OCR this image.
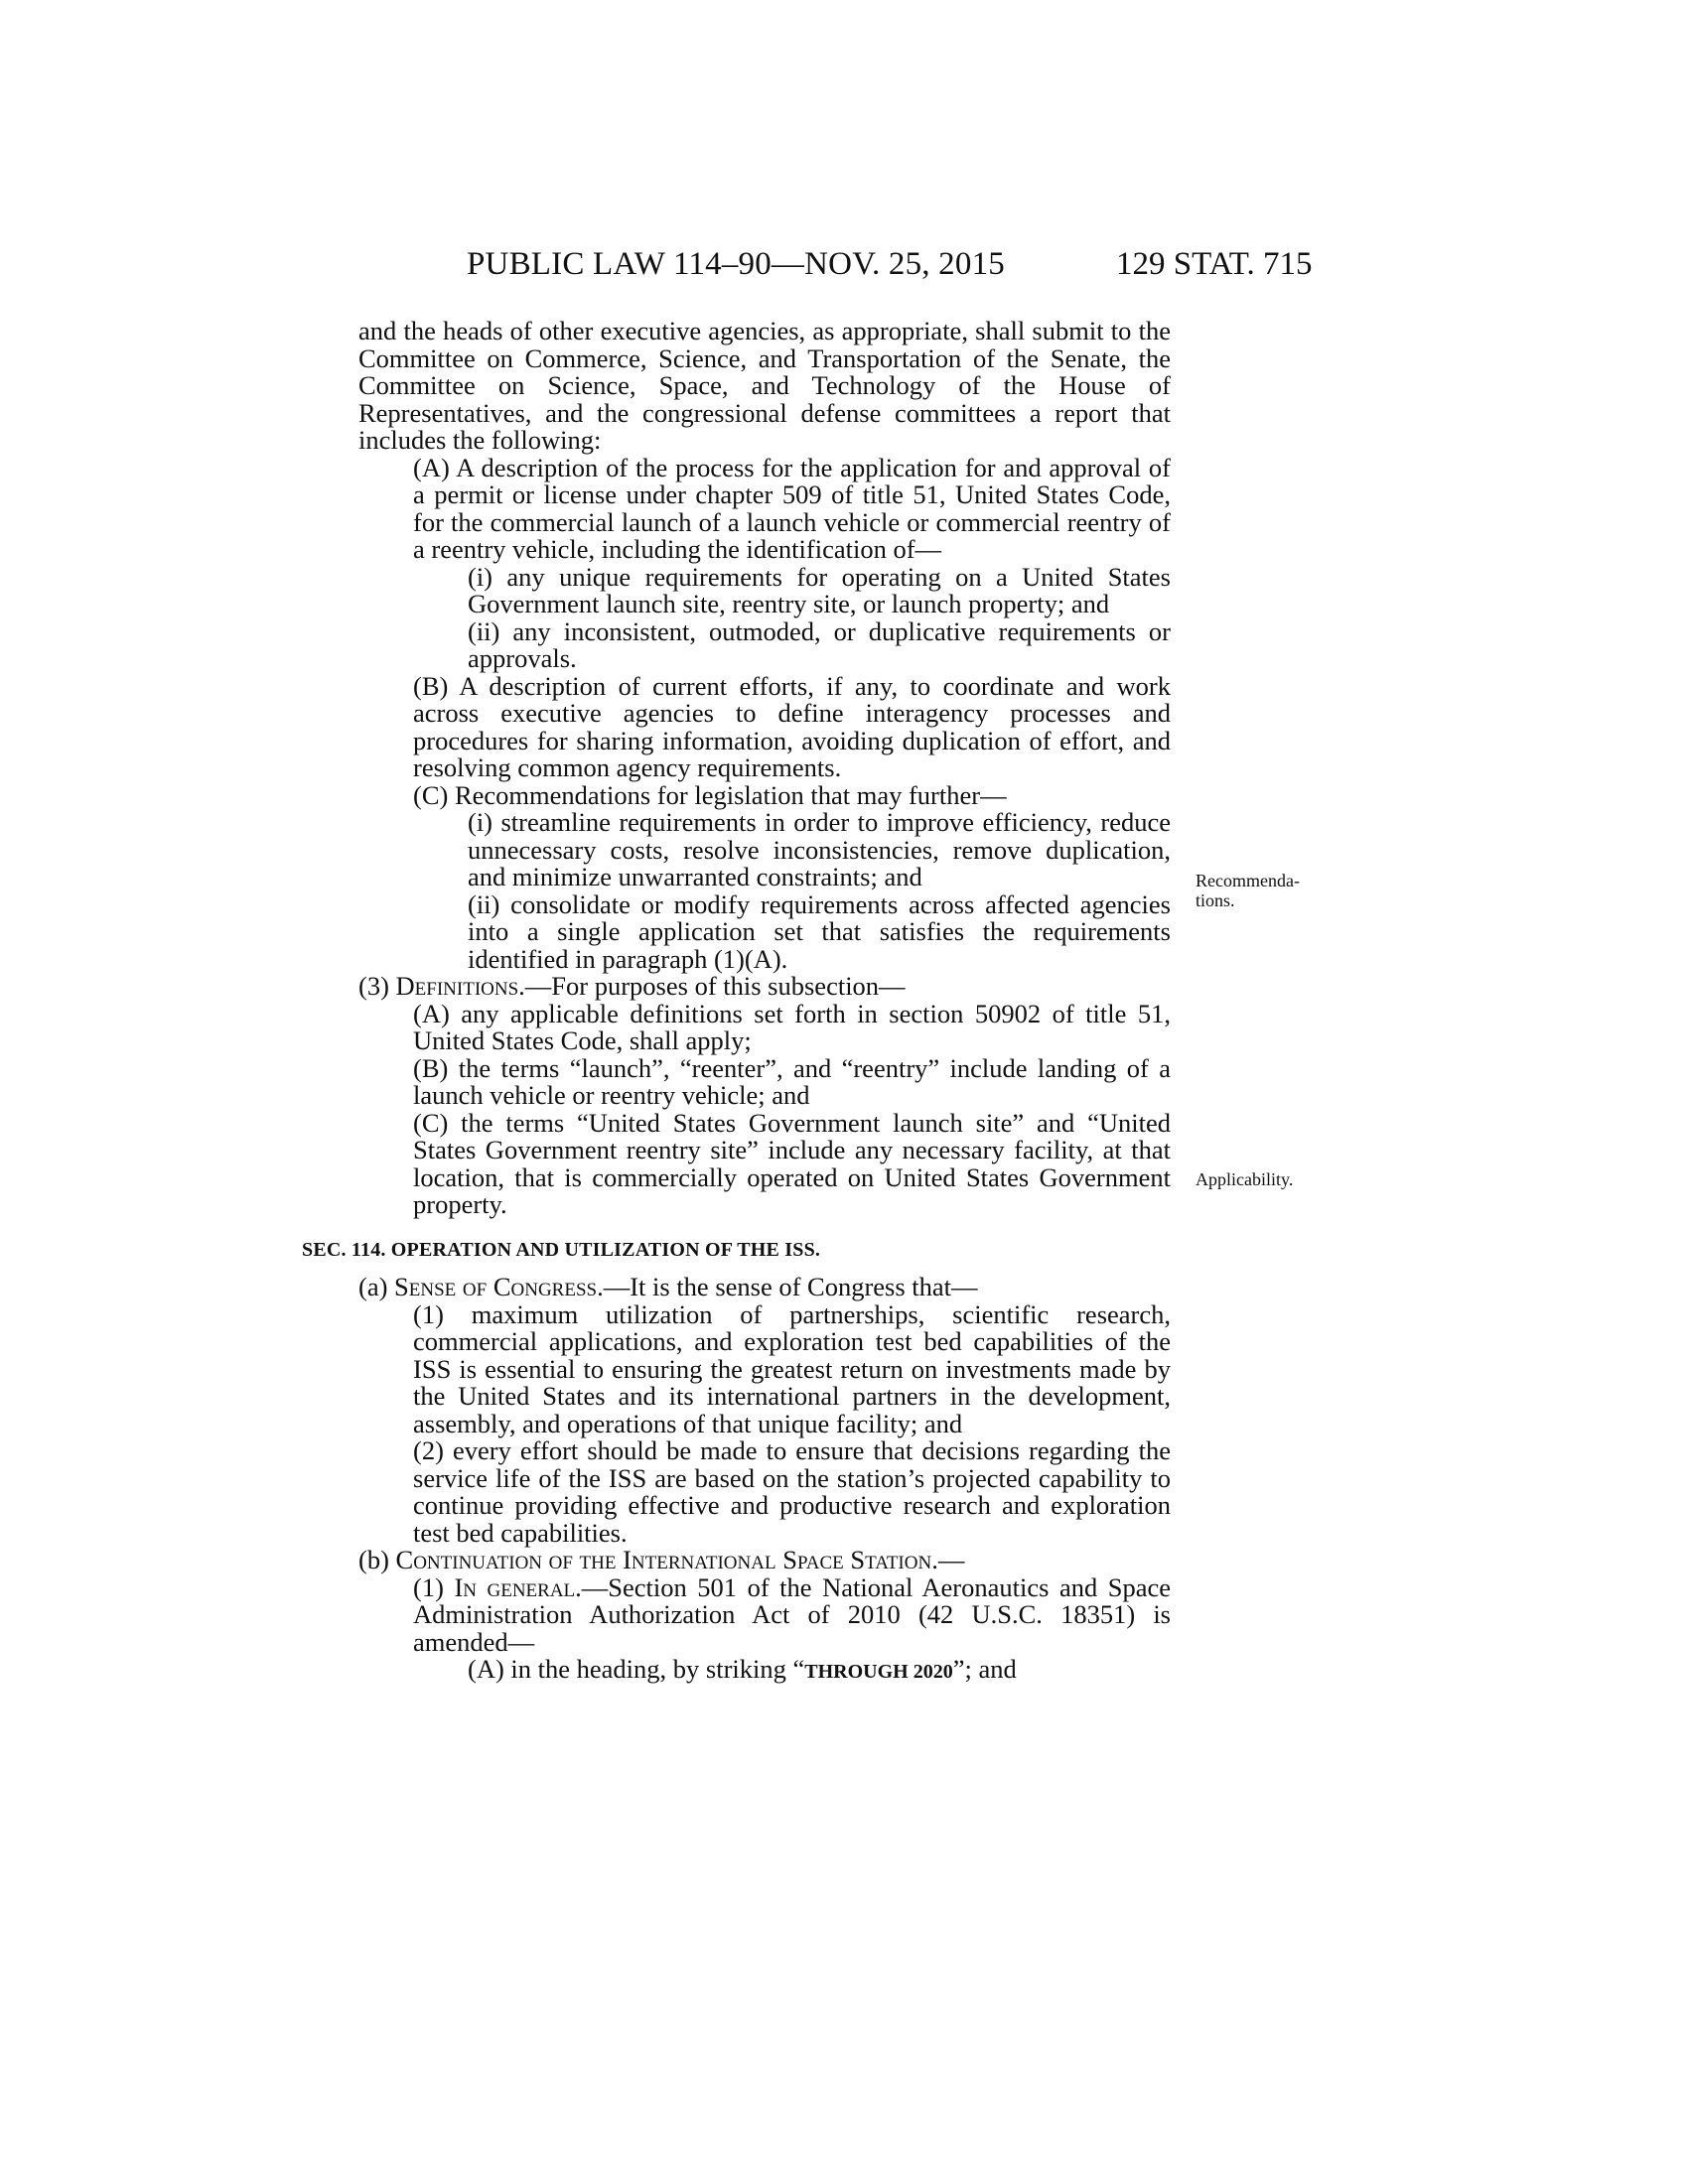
PUBLIC LAW 114–90—NOV. 25, 2015	129 STAT. 715
Recommenda-tions.
Applicability.

and the heads of other executive agencies, as appropriate, shall submit to the Committee on Commerce, Science, and Transportation of the Senate, the Committee on Science, Space, and Technology of the House of Representatives, and the congressional defense committees a report that includes the following:

(A) A description of the process for the application for and approval of a permit or license under chapter 509 of title 51, United States Code, for the commercial launch of a launch vehicle or commercial reentry of a reentry vehicle, including the identification of—

(i) any unique requirements for operating on a United States Government launch site, reentry site, or launch property; and

(ii) any inconsistent, outmoded, or duplicative requirements or approvals.

(B) A description of current efforts, if any, to coordinate and work across executive agencies to define interagency processes and procedures for sharing information, avoiding duplication of effort, and resolving common agency requirements.

(C) Recommendations for legislation that may further—

(i) streamline requirements in order to improve efficiency, reduce unnecessary costs, resolve inconsistencies, remove duplication, and minimize unwarranted constraints; and

(ii) consolidate or modify requirements across affected agencies into a single application set that satisfies the requirements identified in paragraph (1)(A).

(3) Definitions.—For purposes of this subsection—

(A) any applicable definitions set forth in section 50902 of title 51, United States Code, shall apply;

(B) the terms “launch”, “reenter”, and “reentry” include landing of a launch vehicle or reentry vehicle; and

(C) the terms “United States Government launch site” and “United States Government reentry site” include any necessary facility, at that location, that is commercially operated on United States Government property.

SEC. 114. OPERATION AND UTILIZATION OF THE ISS.

(a) Sense of Congress.—It is the sense of Congress that—

(1) maximum utilization of partnerships, scientific research, commercial applications, and exploration test bed capabilities of the ISS is essential to ensuring the greatest return on investments made by the United States and its international partners in the development, assembly, and operations of that unique facility; and

(2) every effort should be made to ensure that decisions regarding the service life of the ISS are based on the station’s projected capability to continue providing effective and productive research and exploration test bed capabilities.

(b) Continuation of the International Space Station.—

(1) In general.—Section 501 of the National Aeronautics and Space Administration Authorization Act of 2010 (42 U.S.C. 18351) is amended—

(A) in the heading, by striking “THROUGH 2020”; and
